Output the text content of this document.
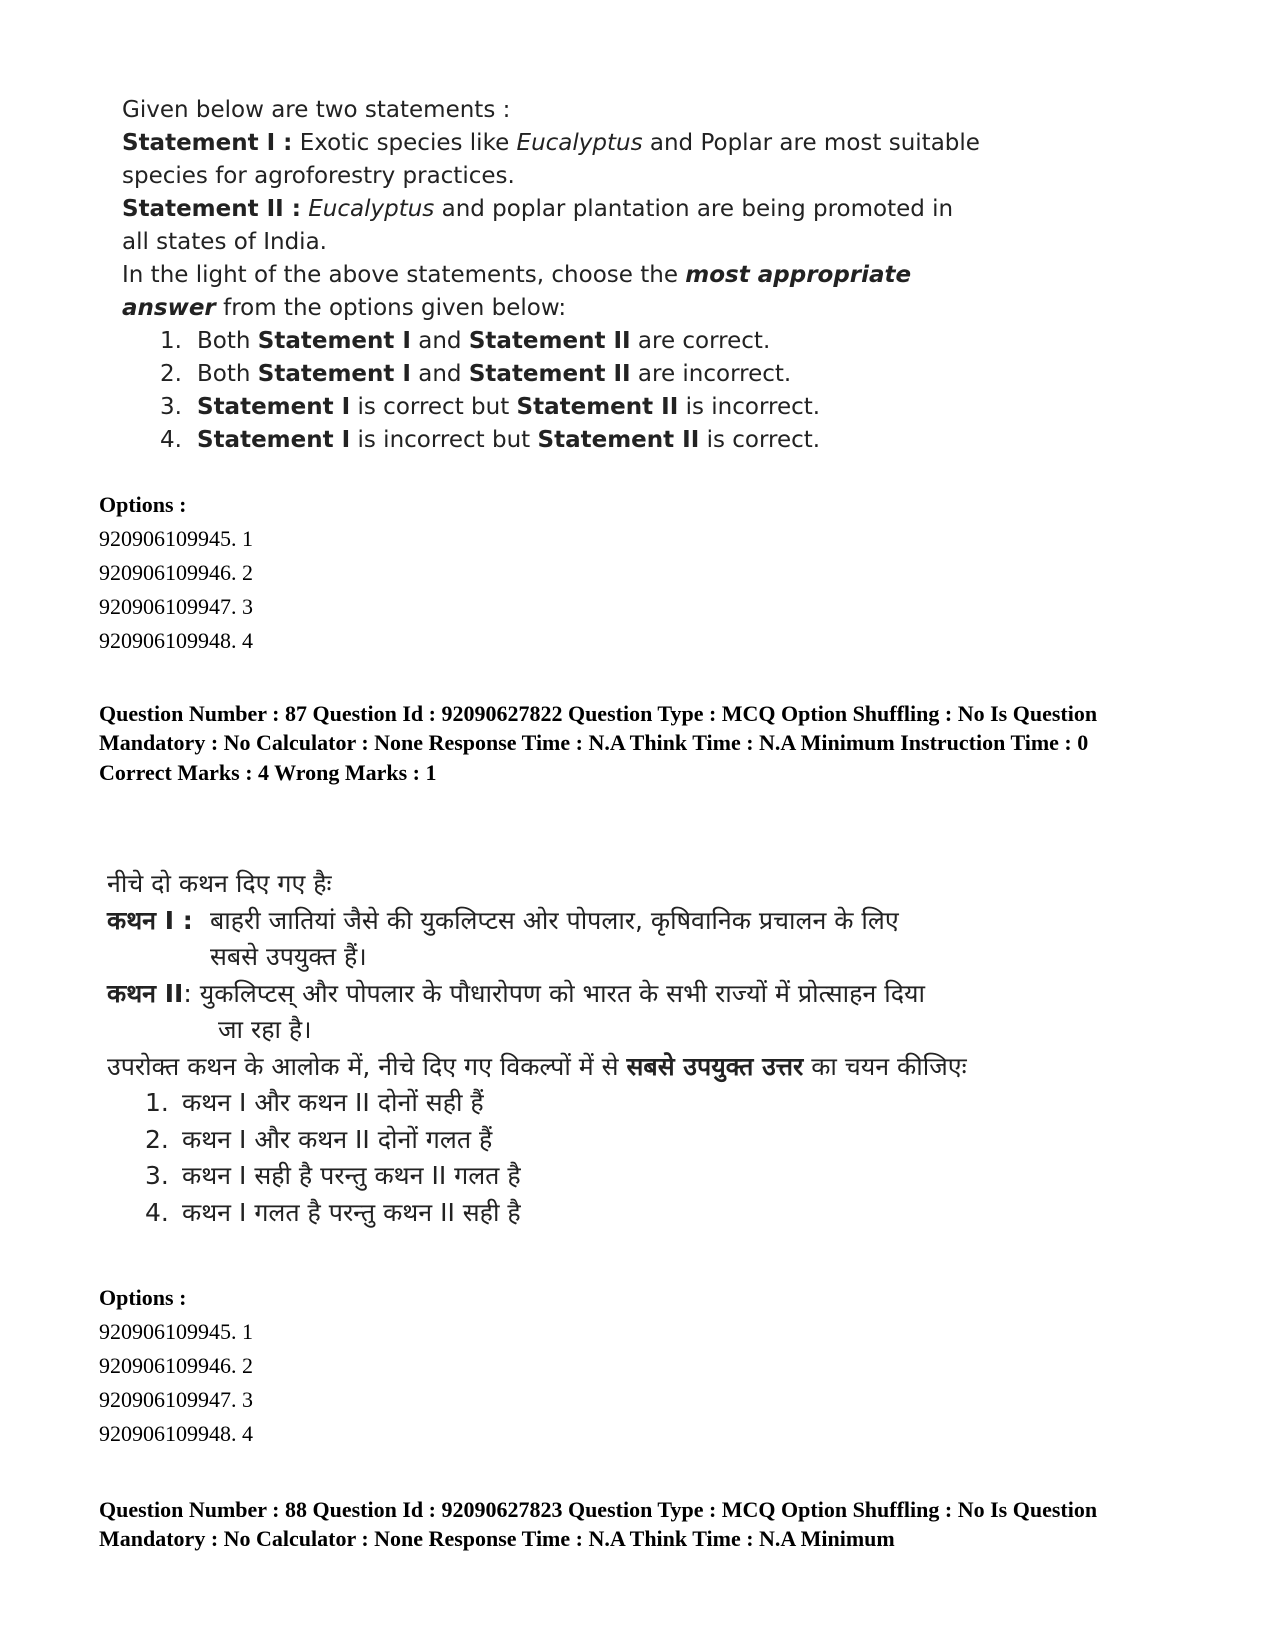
Given below are two statements :

Statement I : Exotic species like Eucalyptus and Poplar are most suitable species for agroforestry practices.

Statement II : Eucalyptus and poplar plantation are being promoted in all states of India.

In the light of the above statements, choose the most appropriate answer from the options given below:

1. Both Statement I and Statement II are correct.
2. Both Statement I and Statement II are incorrect.
3. Statement I is correct but Statement II is incorrect.
4. Statement I is incorrect but Statement II is correct.

Options :

920906109945. 1

920906109946. 2

920906109947. 3

920906109948. 4

Question Number : 87 Question Id : 92090627822 Question Type : MCQ Option Shuffling : No Is Question Mandatory : No Calculator : None Response Time : N.A Think Time : N.A Minimum Instruction Time : 0

Correct Marks : 4 Wrong Marks : 1

नीचे दो कथन दिए गए हैः

कथन I : बाहरी जातियां जैसे की युकलिप्टस ओर पोपलार, कृषिवानिक प्रचालन के लिए

सबसे उपयुक्त हैं।

कथन II : युकलिप्टस् और पोपलार के पौधारोपण को भारत के सभी राज्यों में प्रोत्साहन दिया

जा रहा है।

उपरोक्त कथन के आलोक में, नीचे दिए गए विकल्पों में से सबसे उपयुक्त उत्तर का चयन कीजिएः

1. कथन I और कथन II दोनों सही हैं
2. कथन I और कथन II दोनों गलत हैं
3. कथन I सही है परन्तु कथन II गलत है
4. कथन I गलत है परन्तु कथन II सही है

Options :

920906109945. 1

920906109946. 2

920906109947. 3

920906109948. 4

Question Number : 88 Question Id : 92090627823 Question Type : MCQ Option Shuffling : No Is Question Mandatory : No Calculator : None Response Time : N.A Think Time : N.A Minimum
